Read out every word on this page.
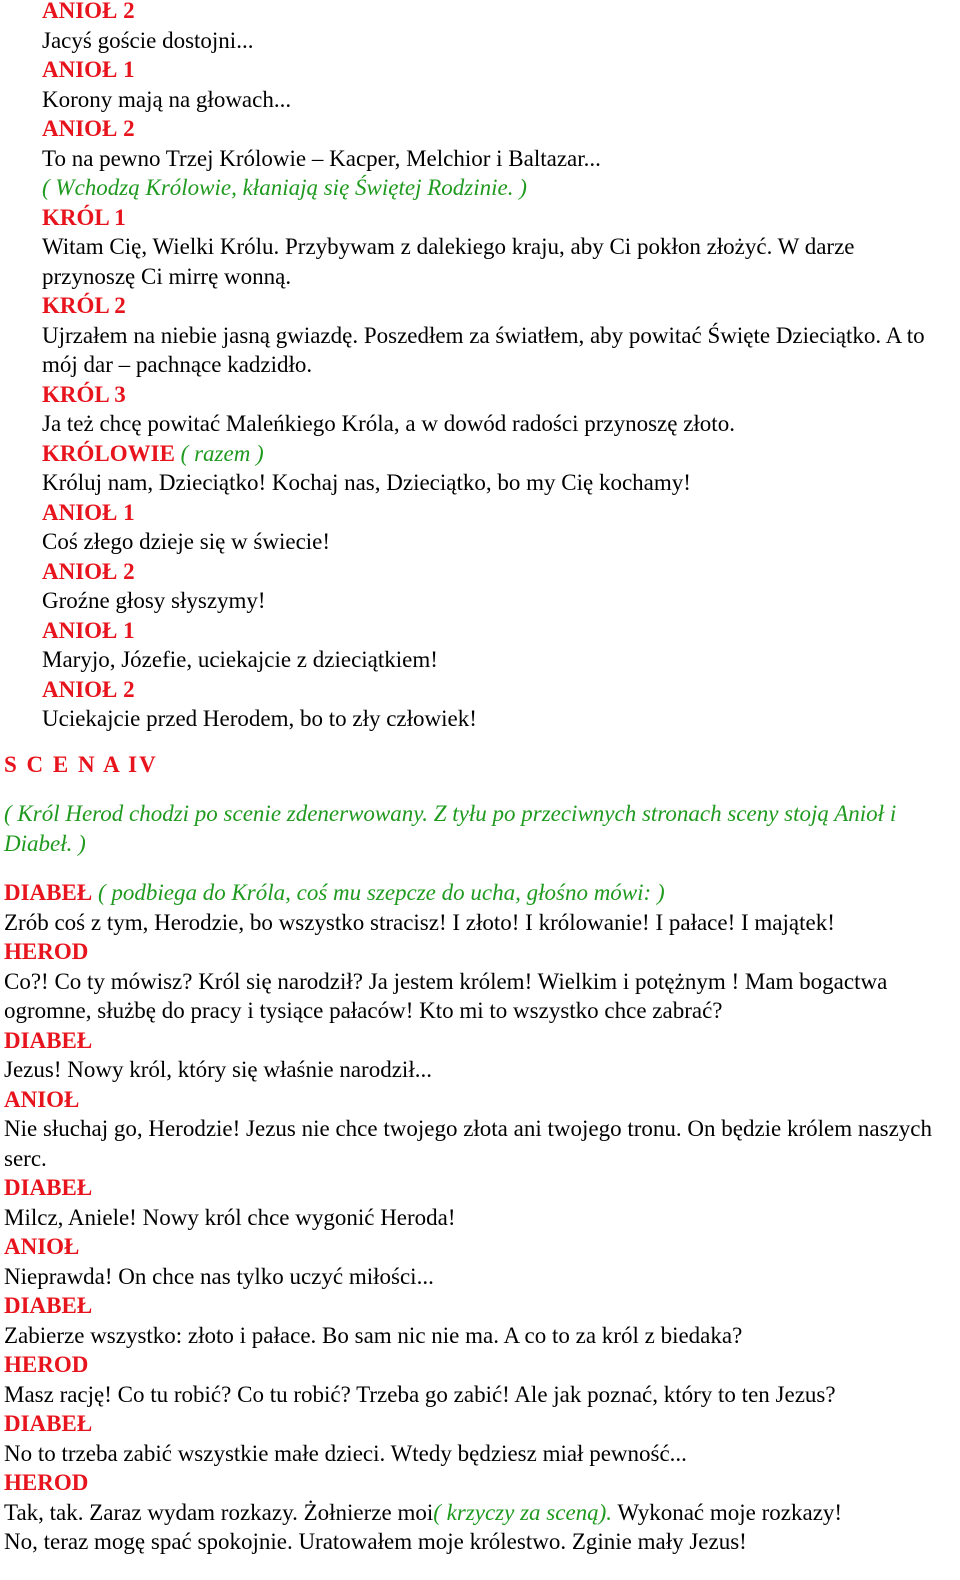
ANIOŁ 2
Jacyś goście dostojni...
ANIOŁ 1
Korony mają na głowach...
ANIOŁ 2
To na pewno Trzej Królowie – Kacper, Melchior i Baltazar...
( Wchodzą Królowie, kłaniają się Świętej Rodzinie. )
KRÓL 1
Witam Cię, Wielki Królu. Przybywam z dalekiego kraju, aby Ci pokłon złożyć. W darze przynoszę Ci mirrę wonną.
KRÓL 2
Ujrzałem na niebie jasną gwiazdę. Poszedłem za światłem, aby powitać Święte Dzieciątko. A to mój dar – pachnące kadzidło.
KRÓL 3
Ja też chcę powitać Maleńkiego Króla, a w dowód radości przynoszę złoto.
KRÓLOWIE ( razem )
Króluj nam, Dzieciątko! Kochaj nas, Dzieciątko, bo my Cię kochamy!
ANIOŁ 1
Coś złego dzieje się w świecie!
ANIOŁ 2
Groźne głosy słyszymy!
ANIOŁ 1
Maryjo, Józefie, uciekajcie z dzieciątkiem!
ANIOŁ 2
Uciekajcie przed Herodem, bo to zły człowiek!
S C E N A IV
( Król Herod chodzi po scenie zdenerwowany. Z tyłu po przeciwnych stronach sceny stoją Anioł i Diabeł. )
DIABEŁ ( podbiega do Króla, coś mu szepcze do ucha, głośno mówi: )
Zrób coś z tym, Herodzie, bo wszystko stracisz! I złoto! I królowanie! I pałace! I majątek!
HEROD
Co?! Co ty mówisz? Król się narodził? Ja jestem królem! Wielkim i potężnym ! Mam bogactwa ogromne, służbę do pracy i tysiące pałaców! Kto mi to wszystko chce zabrać?
DIABEŁ
Jezus! Nowy król, który się właśnie narodził...
ANIOŁ
Nie słuchaj go, Herodzie! Jezus nie chce twojego złota ani twojego tronu. On będzie królem naszych serc.
DIABEŁ
Milcz, Aniele! Nowy król chce wygonić Heroda!
ANIOŁ
Nieprawda! On chce nas tylko uczyć miłości...
DIABEŁ
Zabierze wszystko: złoto i pałace. Bo sam nic nie ma. A co to za król z biedaka?
HEROD
Masz rację! Co tu robić? Co tu robić? Trzeba go zabić! Ale jak poznać, który to ten Jezus?
DIABEŁ
No to trzeba zabić wszystkie małe dzieci. Wtedy będziesz miał pewność...
HEROD
Tak, tak. Zaraz wydam rozkazy. Żołnierze moi( krzyczy za sceną). Wykonać moje rozkazy!
No, teraz mogę spać spokojnie. Uratowałem moje królestwo. Zginie mały Jezus!
